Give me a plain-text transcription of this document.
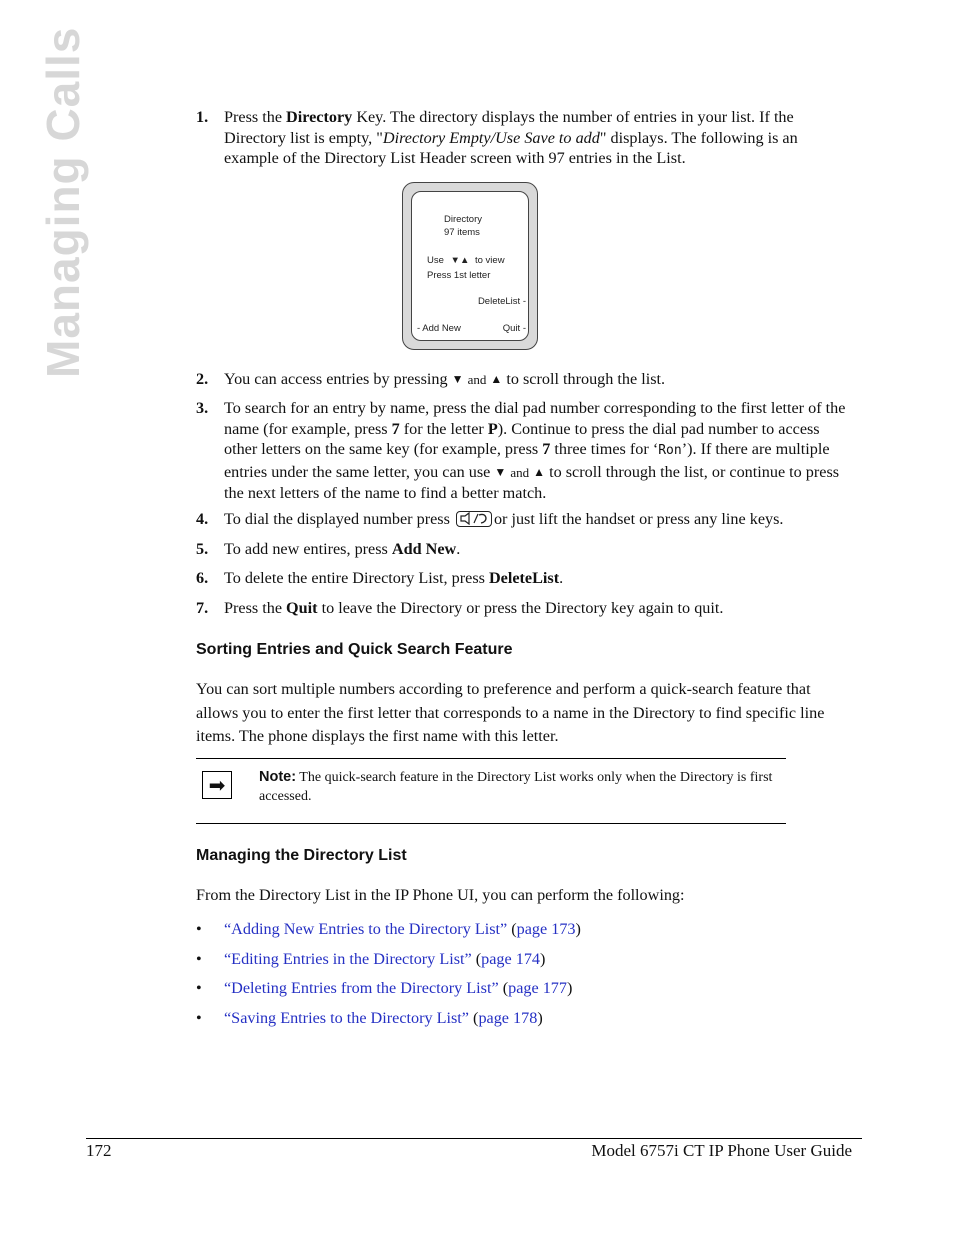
Managing Calls	1. Press the Directory Key. The directory displays the number of entries in your list. If the Directory list is empty, "Directory Empty/Use Save to add" displays. The following is an example of the Directory List Header screen with 97 entries in the List.
Directory
97 items
Use ▼▲ to view
Press 1st letter
DeleteList -
- Add New	Quit -
2. You can access entries by pressing ▼ and ▲ to scroll through the list.
3. To search for an entry by name, press the dial pad number corresponding to the first letter of the name (for example, press 7 for the letter P). Continue to press the dial pad number to access other letters on the same key (for example, press 7 three times for ‘Ron’). If there are multiple entries under the same letter, you can use ▼ and ▲ to scroll through the list, or continue to press the next letters of the name to find a better match.
4. To dial the displayed number press
or just lift the handset or press any line keys.
5. To add new entires, press Add New.
6. To delete the entire Directory List, press DeleteList.
7. Press the Quit to leave the Directory or press the Directory key again to quit.
Sorting Entries and Quick Search Feature
You can sort multiple numbers according to preference and perform a quick-search feature that allows you to enter the first letter that corresponds to a name in the Directory to find specific line items. The phone displays the first name with this letter.
➡	Note: The quick-search feature in the Directory List works only when the Directory is first accessed.
Managing the Directory List
From the Directory List in the IP Phone UI, you can perform the following:
• “Adding New Entries to the Directory List” (page 173)
• “Editing Entries in the Directory List” (page 174)
• “Deleting Entries from the Directory List” (page 177)
• “Saving Entries to the Directory List” (page 178)
172	Model 6757i CT IP Phone User Guide
